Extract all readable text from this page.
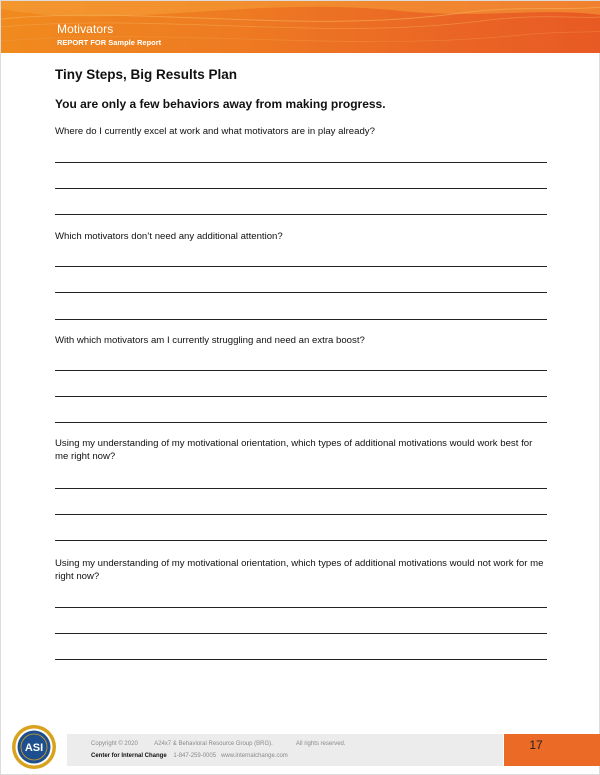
Motivators
REPORT FOR Sample Report
Tiny Steps, Big Results Plan
You are only a few behaviors away from making progress.
Where do I currently excel at work and what motivators are in play already?
Which motivators don’t need any additional attention?
With which motivators am I currently struggling and need an extra boost?
Using my understanding of my motivational orientation, which types of additional motivations would work best for me right now?
Using my understanding of my motivational orientation, which types of additional motivations would not work for me right now?
ASI	Copyright © 2020	A24x7 & Behavioral Resource Group (BRG).	All rights reserved.
Center for Internal Change 1-847-259-0005 www.internalchange.com
17
